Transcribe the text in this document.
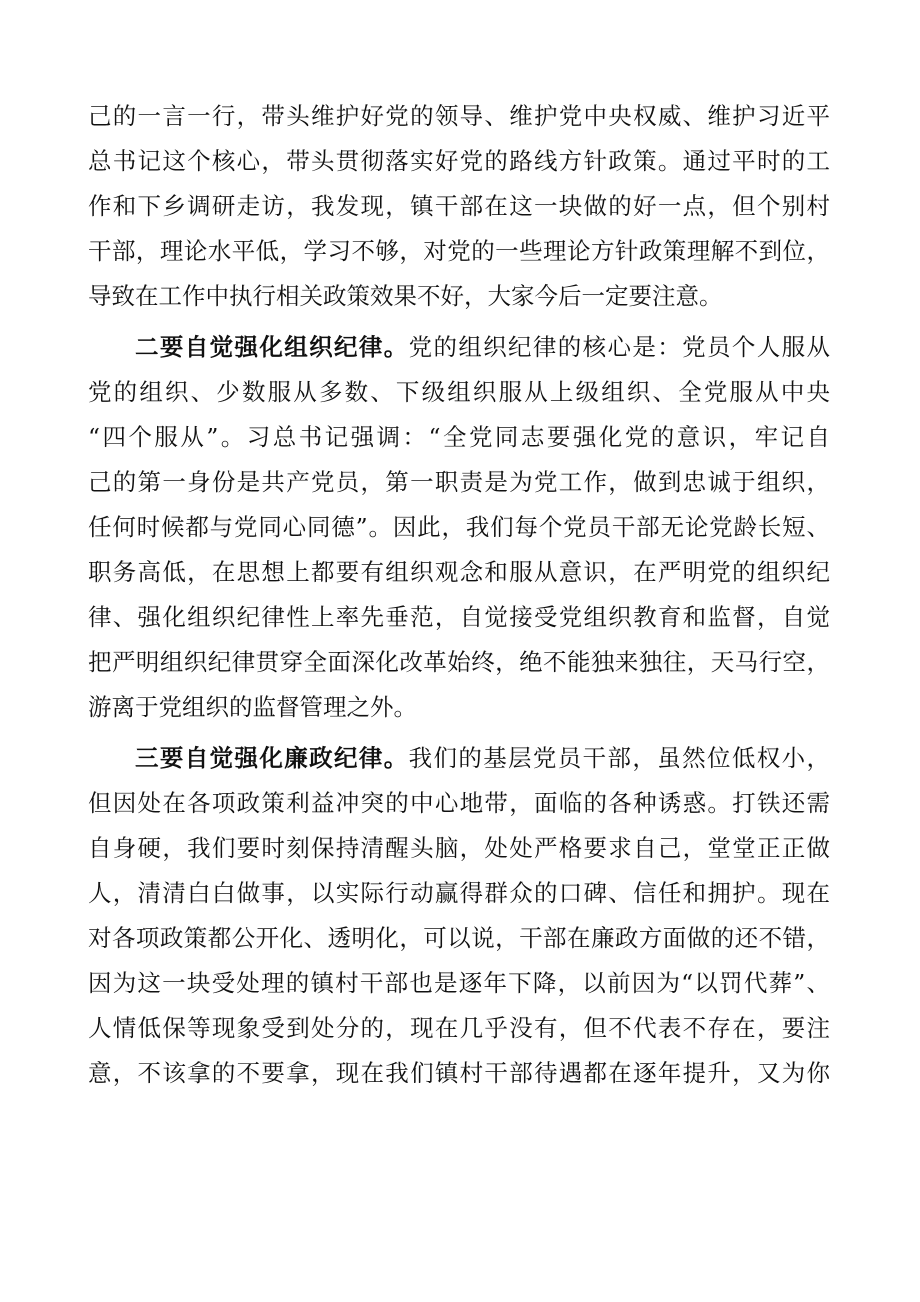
己的一言一行，带头维护好党的领导、维护党中央权威、维护习近平
总书记这个核心，带头贯彻落实好党的路线方针政策。通过平时的工
作和下乡调研走访，我发现，镇干部在这一块做的好一点，但个别村
干部，理论水平低，学习不够，对党的一些理论方针政策理解不到位，
导致在工作中执行相关政策效果不好，大家今后一定要注意。
二要自觉强化组织纪律。党的组织纪律的核心是：党员个人服从
党的组织、少数服从多数、下级组织服从上级组织、全党服从中央
“四个服从”。习总书记强调：“全党同志要强化党的意识，牢记自
己的第一身份是共产党员，第一职责是为党工作，做到忠诚于组织，
任何时候都与党同心同德”。因此，我们每个党员干部无论党龄长短、
职务高低，在思想上都要有组织观念和服从意识，在严明党的组织纪
律、强化组织纪律性上率先垂范，自觉接受党组织教育和监督，自觉
把严明组织纪律贯穿全面深化改革始终，绝不能独来独往，天马行空，
游离于党组织的监督管理之外。
三要自觉强化廉政纪律。我们的基层党员干部，虽然位低权小，
但因处在各项政策利益冲突的中心地带，面临的各种诱惑。打铁还需
自身硬，我们要时刻保持清醒头脑，处处严格要求自己，堂堂正正做
人，清清白白做事，以实际行动赢得群众的口碑、信任和拥护。现在
对各项政策都公开化、透明化，可以说，干部在廉政方面做的还不错，
因为这一块受处理的镇村干部也是逐年下降，以前因为“以罚代葬”、
人情低保等现象受到处分的，现在几乎没有，但不代表不存在，要注
意，不该拿的不要拿，现在我们镇村干部待遇都在逐年提升，又为你
